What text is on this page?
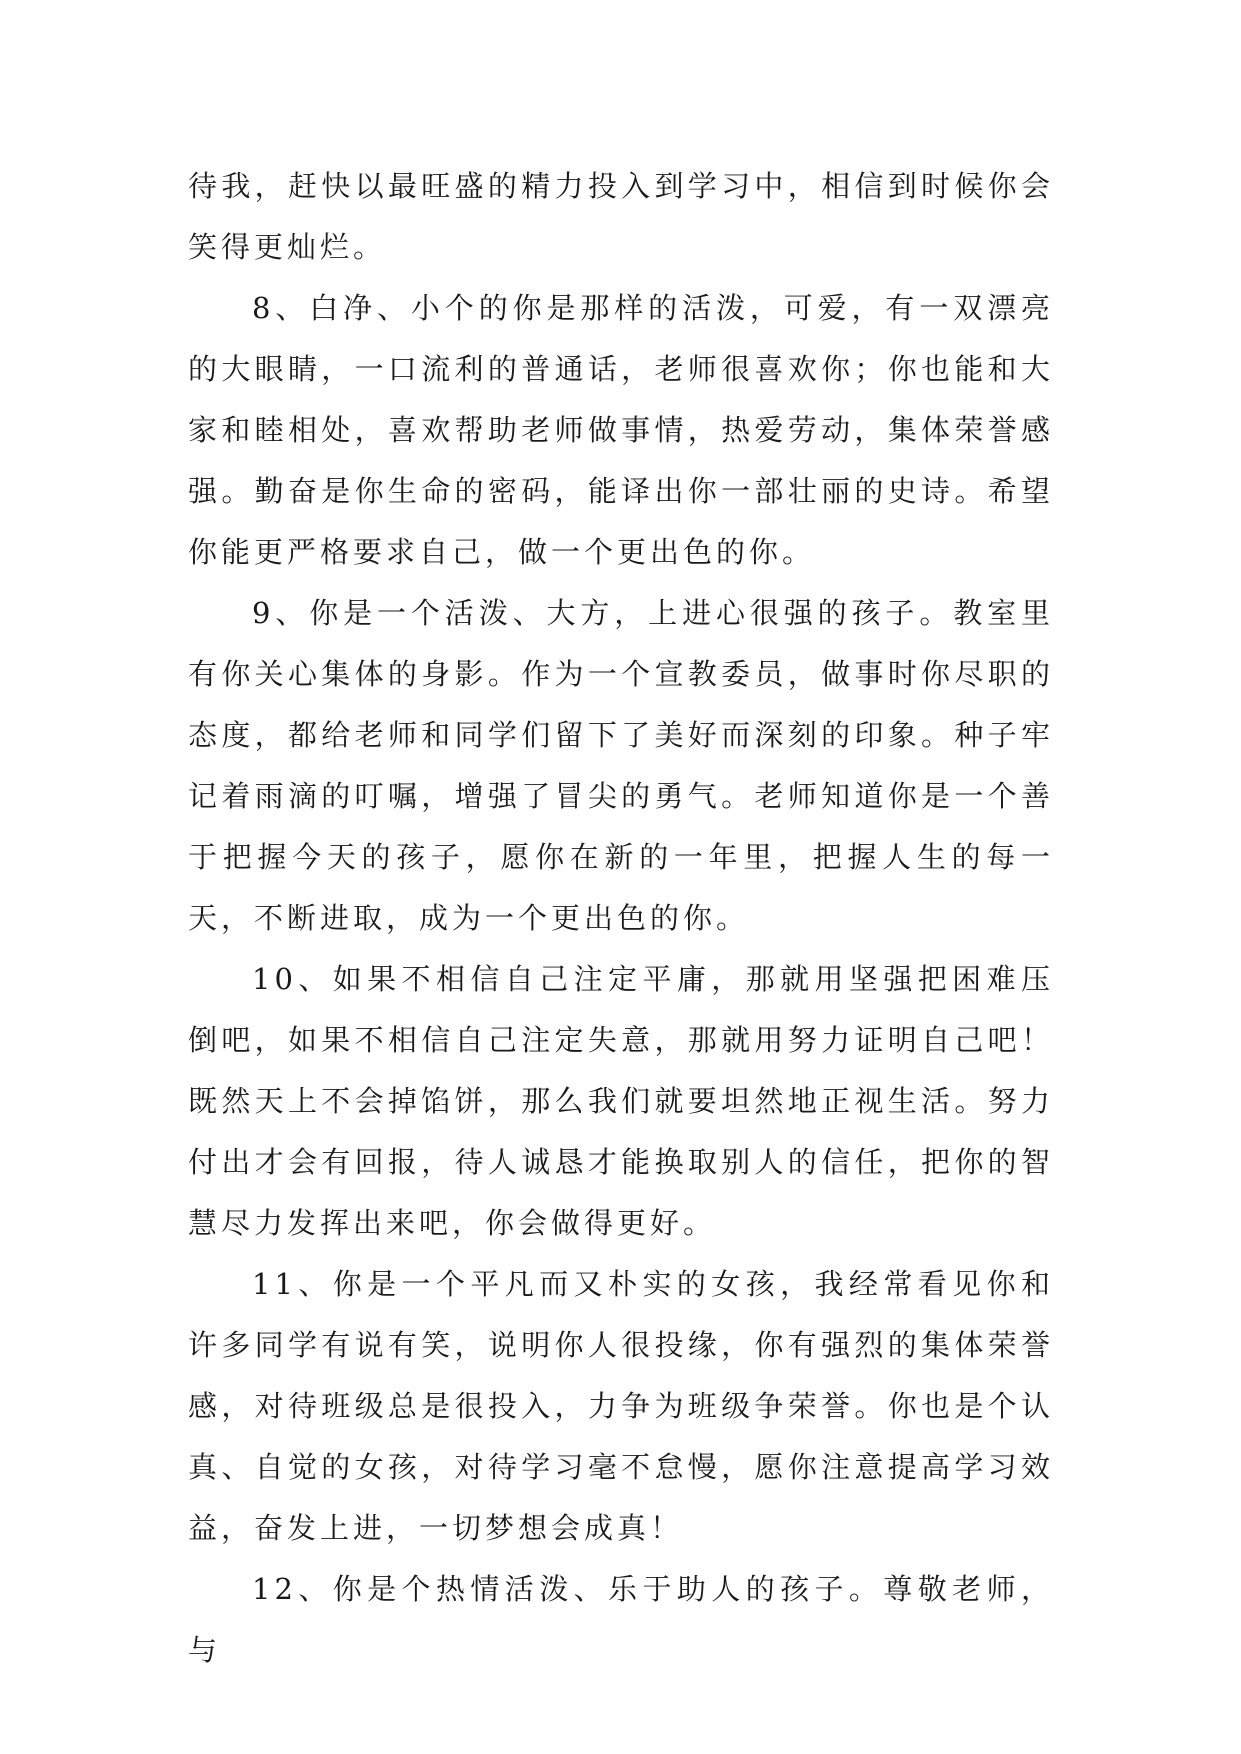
待我，赶快以最旺盛的精力投入到学习中，相信到时候你会笑得更灿烂。

8、白净、小个的你是那样的活泼，可爱，有一双漂亮的大眼睛，一口流利的普通话，老师很喜欢你；你也能和大家和睦相处，喜欢帮助老师做事情，热爱劳动，集体荣誉感强。勤奋是你生命的密码，能译出你一部壮丽的史诗。希望你能更严格要求自己，做一个更出色的你。

9、你是一个活泼、大方，上进心很强的孩子。教室里有你关心集体的身影。作为一个宣教委员，做事时你尽职的态度，都给老师和同学们留下了美好而深刻的印象。种子牢记着雨滴的叮嘱，增强了冒尖的勇气。老师知道你是一个善于把握今天的孩子，愿你在新的一年里，把握人生的每一天，不断进取，成为一个更出色的你。

10、如果不相信自己注定平庸，那就用坚强把困难压倒吧，如果不相信自己注定失意，那就用努力证明自己吧！既然天上不会掉馅饼，那么我们就要坦然地正视生活。努力付出才会有回报，待人诚恳才能换取别人的信任，把你的智慧尽力发挥出来吧，你会做得更好。

11、你是一个平凡而又朴实的女孩，我经常看见你和许多同学有说有笑，说明你人很投缘，你有强烈的集体荣誉感，对待班级总是很投入，力争为班级争荣誉。你也是个认真、自觉的女孩，对待学习毫不怠慢，愿你注意提高学习效益，奋发上进，一切梦想会成真！

12、你是个热情活泼、乐于助人的孩子。尊敬老师，与
